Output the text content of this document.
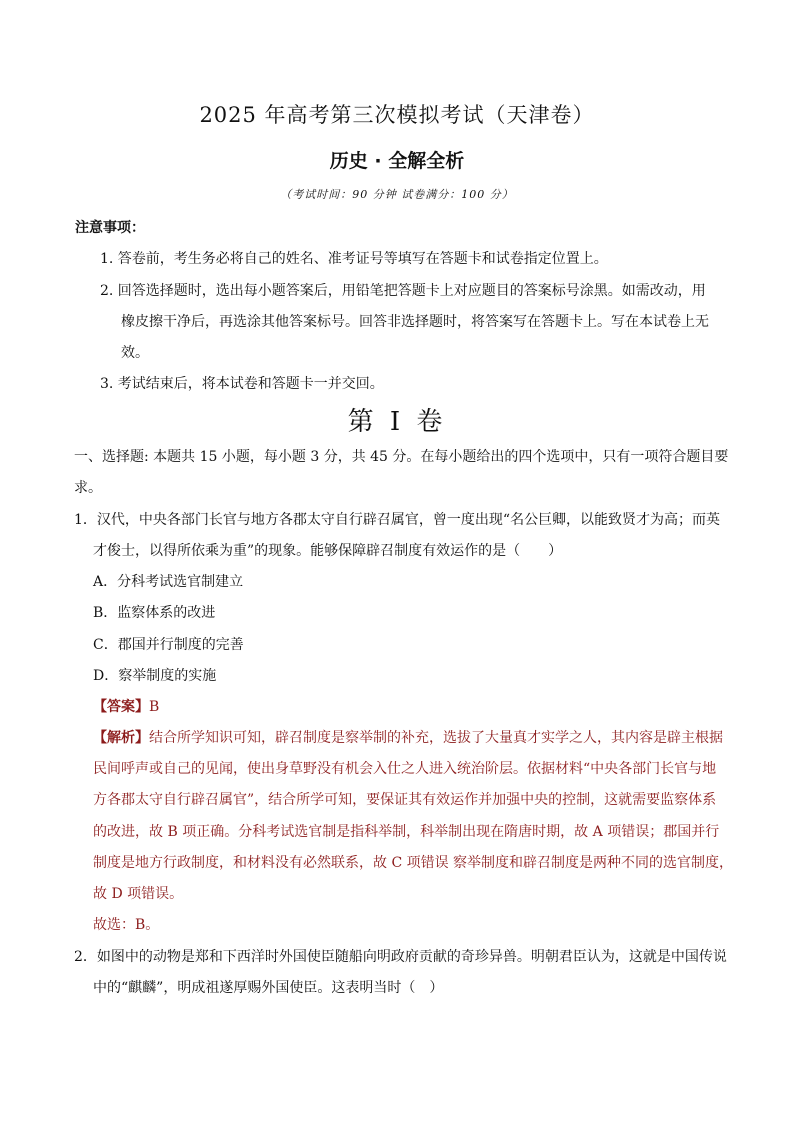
2025 年高考第三次模拟考试（天津卷）
历史 · 全解全析
（考试时间：90 分钟 试卷满分：100 分）
注意事项：
1. 答卷前，考生务必将自己的姓名、准考证号等填写在答题卡和试卷指定位置上。
2. 回答选择题时，选出每小题答案后，用铅笔把答题卡上对应题目的答案标号涂黑。如需改动，用
橡皮擦干净后，再选涂其他答案标号。回答非选择题时，将答案写在答题卡上。写在本试卷上无
效。
3. 考试结束后，将本试卷和答题卡一并交回。
第 I 卷
一、选择题: 本题共 15 小题，每小题 3 分，共 45 分。在每小题给出的四个选项中，只有一项符合题目要
求。
1．汉代，中央各部门长官与地方各郡太守自行辟召属官，曾一度出现“名公巨卿，以能致贤才为高；而英
才俊士，以得所依乘为重”的现象。能够保障辟召制度有效运作的是（　　）
A．分科考试选官制建立
B．监察体系的改进
C．郡国并行制度的完善
D．察举制度的实施
【答案】B
【解析】结合所学知识可知，辟召制度是察举制的补充，选拔了大量真才实学之人，其内容是辟主根据
民间呼声或自己的见闻，使出身草野没有机会入仕之人进入统治阶层。依据材料“中央各部门长官与地
方各郡太守自行辟召属官”，结合所学可知，要保证其有效运作并加强中央的控制，这就需要监察体系
的改进，故 B 项正确。分科考试选官制是指科举制，科举制出现在隋唐时期，故 A 项错误；郡国并行
制度是地方行政制度，和材料没有必然联系，故 C 项错误 察举制度和辟召制度是两种不同的选官制度，
故 D 项错误。
故选：B。
2．如图中的动物是郑和下西洋时外国使臣随船向明政府贡献的奇珍异兽。明朝君臣认为，这就是中国传说
中的“麒麟”，明成祖遂厚赐外国使臣。这表明当时（　）
